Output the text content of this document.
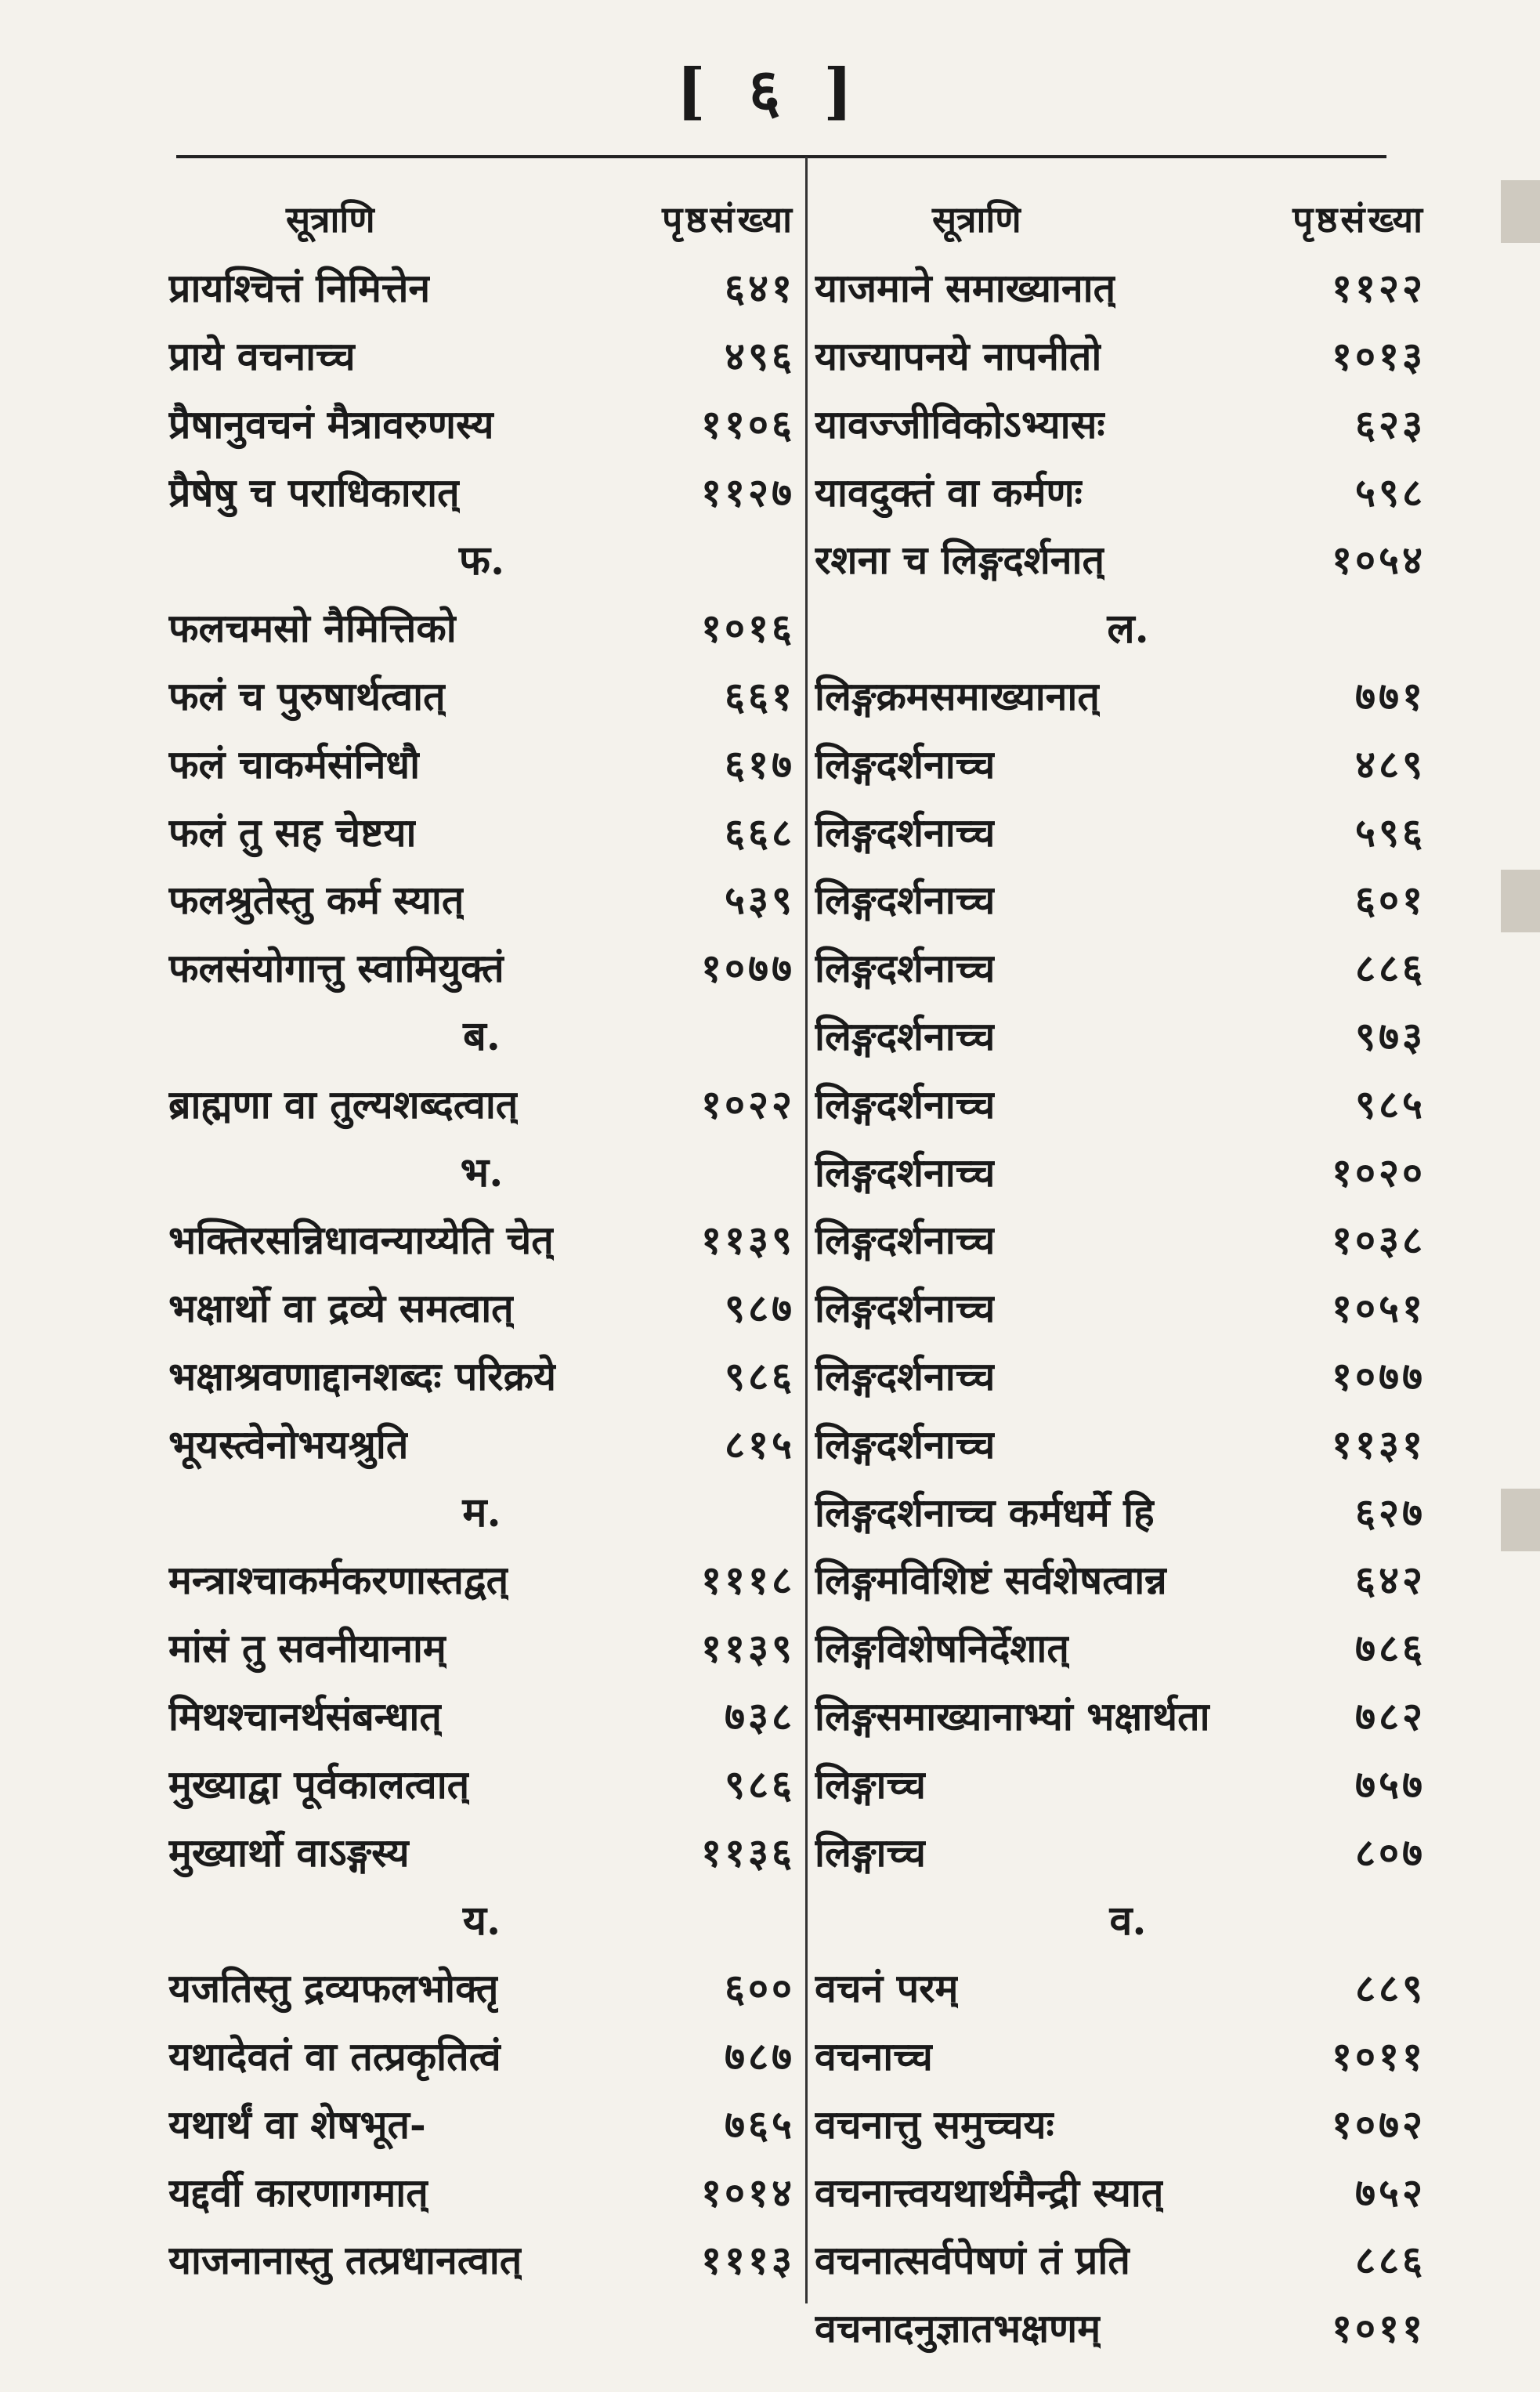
[ ६ ]
सूत्राणि	पृष्ठसंख्या
प्रायश्चित्तं निमित्तेन	६४१
प्राये वचनाच्च	४९६
प्रैषानुवचनं मैत्रावरुणस्य	११०६
प्रैषेषु च पराधिकारात्	११२७
फ.
फलचमसो नैमित्तिको	१०१६
फलं च पुरुषार्थत्वात्	६६१
फलं चाकर्मसंनिधौ	६१७
फलं तु सह चेष्टया	६६८
फलश्रुतेस्तु कर्म स्यात्	५३९
फलसंयोगात्तु स्वामियुक्तं	१०७७
ब.
ब्राह्मणा वा तुल्यशब्दत्वात्	१०२२
भ.
भक्तिरसन्निधावन्याय्येति चेत्	११३९
भक्षार्थो वा द्रव्ये समत्वात्	९८७
भक्षाश्रवणाद्दानशब्दः परिक्रये	९८६
भूयस्त्वेनोभयश्रुति	८१५
म.
मन्त्राश्चाकर्मकरणास्तद्वत्	१११८
मांसं तु सवनीयानाम्	११३९
मिथश्चानर्थसंबन्धात्	७३८
मुख्याद्वा पूर्वकालत्वात्	९८६
मुख्यार्थो वाऽङ्गस्य	११३६
य.
यजतिस्तु द्रव्यफलभोक्तृ	६००
यथादेवतं वा तत्प्रकृतित्वं	७८७
यथार्थं वा शेषभूत-	७६५
यद्दर्वी कारणागमात्	१०१४
याजनानास्तु तत्प्रधानत्वात्	१११३
सूत्राणि	पृष्ठसंख्या
याजमाने समाख्यानात्	११२२
याज्यापनये नापनीतो	१०१३
यावज्जीविकोऽभ्यासः	६२३
यावदुक्तं वा कर्मणः	५९८
रशना च लिङ्गदर्शनात्	१०५४
ल.
लिङ्गक्रमसमाख्यानात्	७७१
लिङ्गदर्शनाच्च	४८९
लिङ्गदर्शनाच्च	५९६
लिङ्गदर्शनाच्च	६०१
लिङ्गदर्शनाच्च	८८६
लिङ्गदर्शनाच्च	९७३
लिङ्गदर्शनाच्च	९८५
लिङ्गदर्शनाच्च	१०२०
लिङ्गदर्शनाच्च	१०३८
लिङ्गदर्शनाच्च	१०५१
लिङ्गदर्शनाच्च	१०७७
लिङ्गदर्शनाच्च	११३१
लिङ्गदर्शनाच्च कर्मधर्मे हि	६२७
लिङ्गमविशिष्टं सर्वशेषत्वान्न	६४२
लिङ्गविशेषनिर्देशात्	७८६
लिङ्गसमाख्यानाभ्यां भक्षार्थता	७८२
लिङ्गाच्च	७५७
लिङ्गाच्च	८०७
व.
वचनं परम्	८८९
वचनाच्च	१०११
वचनात्तु समुच्चयः	१०७२
वचनात्त्वयथार्थमैन्द्री स्यात्	७५२
वचनात्सर्वपेषणं तं प्रति	८८६
वचनादनुज्ञातभक्षणम्	१०११
